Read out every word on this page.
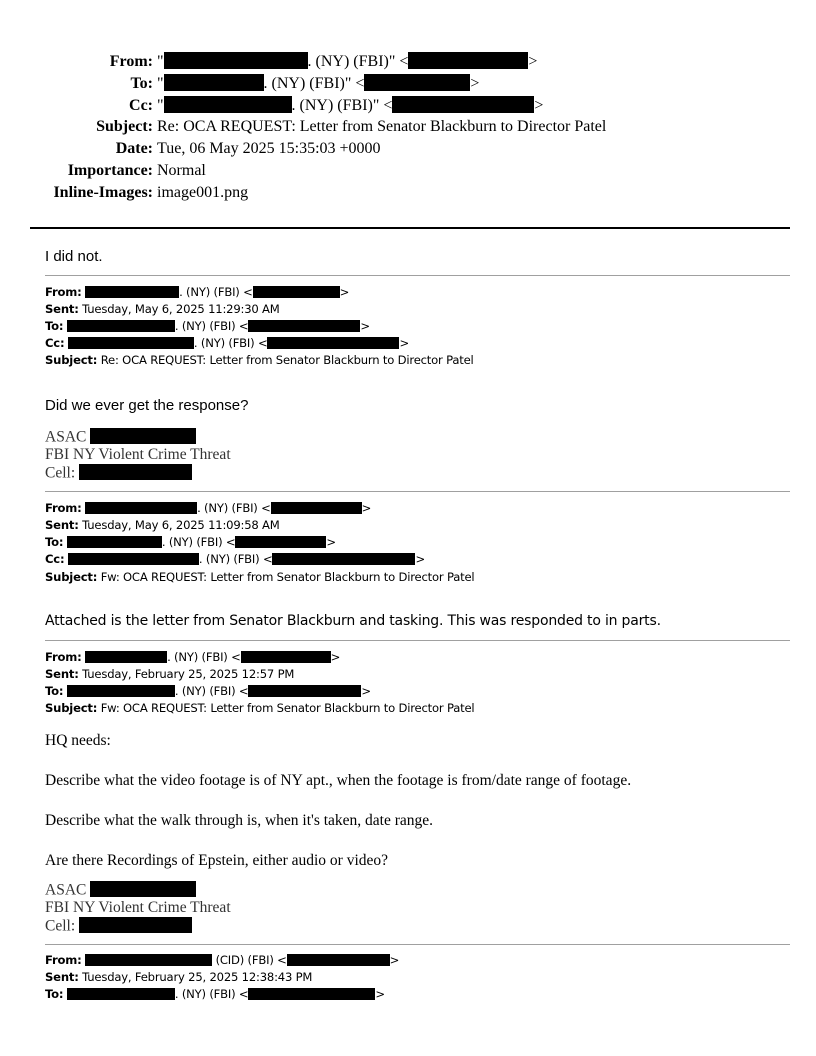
From: "	. (NY) (FBI)" <	>
To: "	. (NY) (FBI)" <	>
Cc: "	. (NY) (FBI)" <	>
Subject: Re: OCA REQUEST: Letter from Senator Blackburn to Director Patel
Date: Tue, 06 May 2025 15:35:03 +0000
Importance: Normal
Inline-Images: image001.png
I did not.
From:	. (NY) (FBI) <	>
Sent: Tuesday, May 6, 2025 11:29:30 AM
To:	. (NY) (FBI) <	>
Cc:	. (NY) (FBI) <	>
Subject: Re: OCA REQUEST: Letter from Senator Blackburn to Director Patel
Did we ever get the response?
ASAC
FBI NY Violent Crime Threat
Cell:
From:	. (NY) (FBI) <	>
Sent: Tuesday, May 6, 2025 11:09:58 AM
To:	. (NY) (FBI) <	>
Cc:	. (NY) (FBI) <	>
Subject: Fw: OCA REQUEST: Letter from Senator Blackburn to Director Patel
Attached is the letter from Senator Blackburn and tasking. This was responded to in parts.
From:	. (NY) (FBI) <	>
Sent: Tuesday, February 25, 2025 12:57 PM
To:	. (NY) (FBI) <	>
Subject: Fw: OCA REQUEST: Letter from Senator Blackburn to Director Patel
HQ needs:
Describe what the video footage is of NY apt., when the footage is from/date range of footage.
Describe what the walk through is, when it's taken, date range.
Are there Recordings of Epstein, either audio or video?
ASAC
FBI NY Violent Crime Threat
Cell:
From:	(CID) (FBI) <	>
Sent: Tuesday, February 25, 2025 12:38:43 PM
To:	. (NY) (FBI) <	>
